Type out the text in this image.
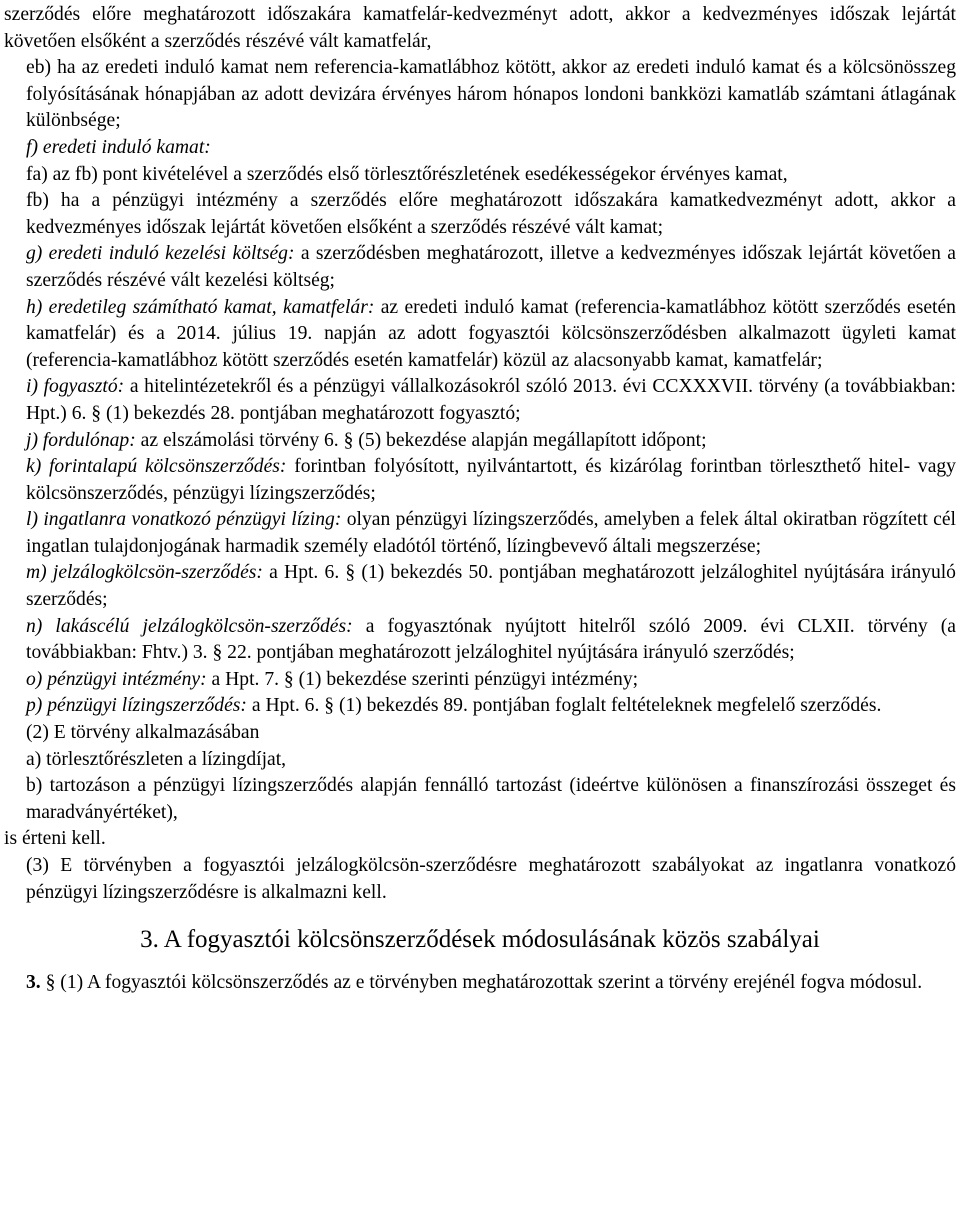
szerződés előre meghatározott időszakára kamatfelár-kedvezményt adott, akkor a kedvezményes időszak lejártát követően elsőként a szerződés részévé vált kamatfelár,

eb) ha az eredeti induló kamat nem referencia-kamatlábhoz kötött, akkor az eredeti induló kamat és a kölcsönösszeg folyósításának hónapjában az adott devizára érvényes három hónapos londoni bankközi kamatláb számtani átlagának különbsége;

f) eredeti induló kamat:

fa) az fb) pont kivételével a szerződés első törlesztőrészletének esedékességekor érvényes kamat,

fb) ha a pénzügyi intézmény a szerződés előre meghatározott időszakára kamatkedvezményt adott, akkor a kedvezményes időszak lejártát követően elsőként a szerződés részévé vált kamat;

g) eredeti induló kezelési költség: a szerződésben meghatározott, illetve a kedvezményes időszak lejártát követően a szerződés részévé vált kezelési költség;

h) eredetileg számítható kamat, kamatfelár: az eredeti induló kamat (referencia-kamatlábhoz kötött szerződés esetén kamatfelár) és a 2014. július 19. napján az adott fogyasztói kölcsönszerződésben alkalmazott ügyleti kamat (referencia-kamatlábhoz kötött szerződés esetén kamatfelár) közül az alacsonyabb kamat, kamatfelár;

i) fogyasztó: a hitelintézetekről és a pénzügyi vállalkozásokról szóló 2013. évi CCXXXVII. törvény (a továbbiakban: Hpt.) 6. § (1) bekezdés 28. pontjában meghatározott fogyasztó;

j) fordulónap: az elszámolási törvény 6. § (5) bekezdése alapján megállapított időpont;

k) forintalapú kölcsönszerződés: forintban folyósított, nyilvántartott, és kizárólag forintban törleszthető hitel- vagy kölcsönszerződés, pénzügyi lízingszerződés;

l) ingatlanra vonatkozó pénzügyi lízing: olyan pénzügyi lízingszerződés, amelyben a felek által okiratban rögzített cél ingatlan tulajdonjogának harmadik személy eladótól történő, lízingbevevő általi megszerzése;

m) jelzálogkölcsön-szerződés: a Hpt. 6. § (1) bekezdés 50. pontjában meghatározott jelzáloghitel nyújtására irányuló szerződés;

n) lakáscélú jelzálogkölcsön-szerződés: a fogyasztónak nyújtott hitelről szóló 2009. évi CLXII. törvény (a továbbiakban: Fhtv.) 3. § 22. pontjában meghatározott jelzáloghitel nyújtására irányuló szerződés;

o) pénzügyi intézmény: a Hpt. 7. § (1) bekezdése szerinti pénzügyi intézmény;

p) pénzügyi lízingszerződés: a Hpt. 6. § (1) bekezdés 89. pontjában foglalt feltételeknek megfelelő szerződés.

(2) E törvény alkalmazásában

a) törlesztőrészleten a lízingdíjat,

b) tartozáson a pénzügyi lízingszerződés alapján fennálló tartozást (ideértve különösen a finanszírozási összeget és maradványértéket),

is érteni kell.

(3) E törvényben a fogyasztói jelzálogkölcsön-szerződésre meghatározott szabályokat az ingatlanra vonatkozó pénzügyi lízingszerződésre is alkalmazni kell.

3. A fogyasztói kölcsönszerződések módosulásának közös szabályai

3. § (1) A fogyasztói kölcsönszerződés az e törvényben meghatározottak szerint a törvény erejénél fogva módosul.
